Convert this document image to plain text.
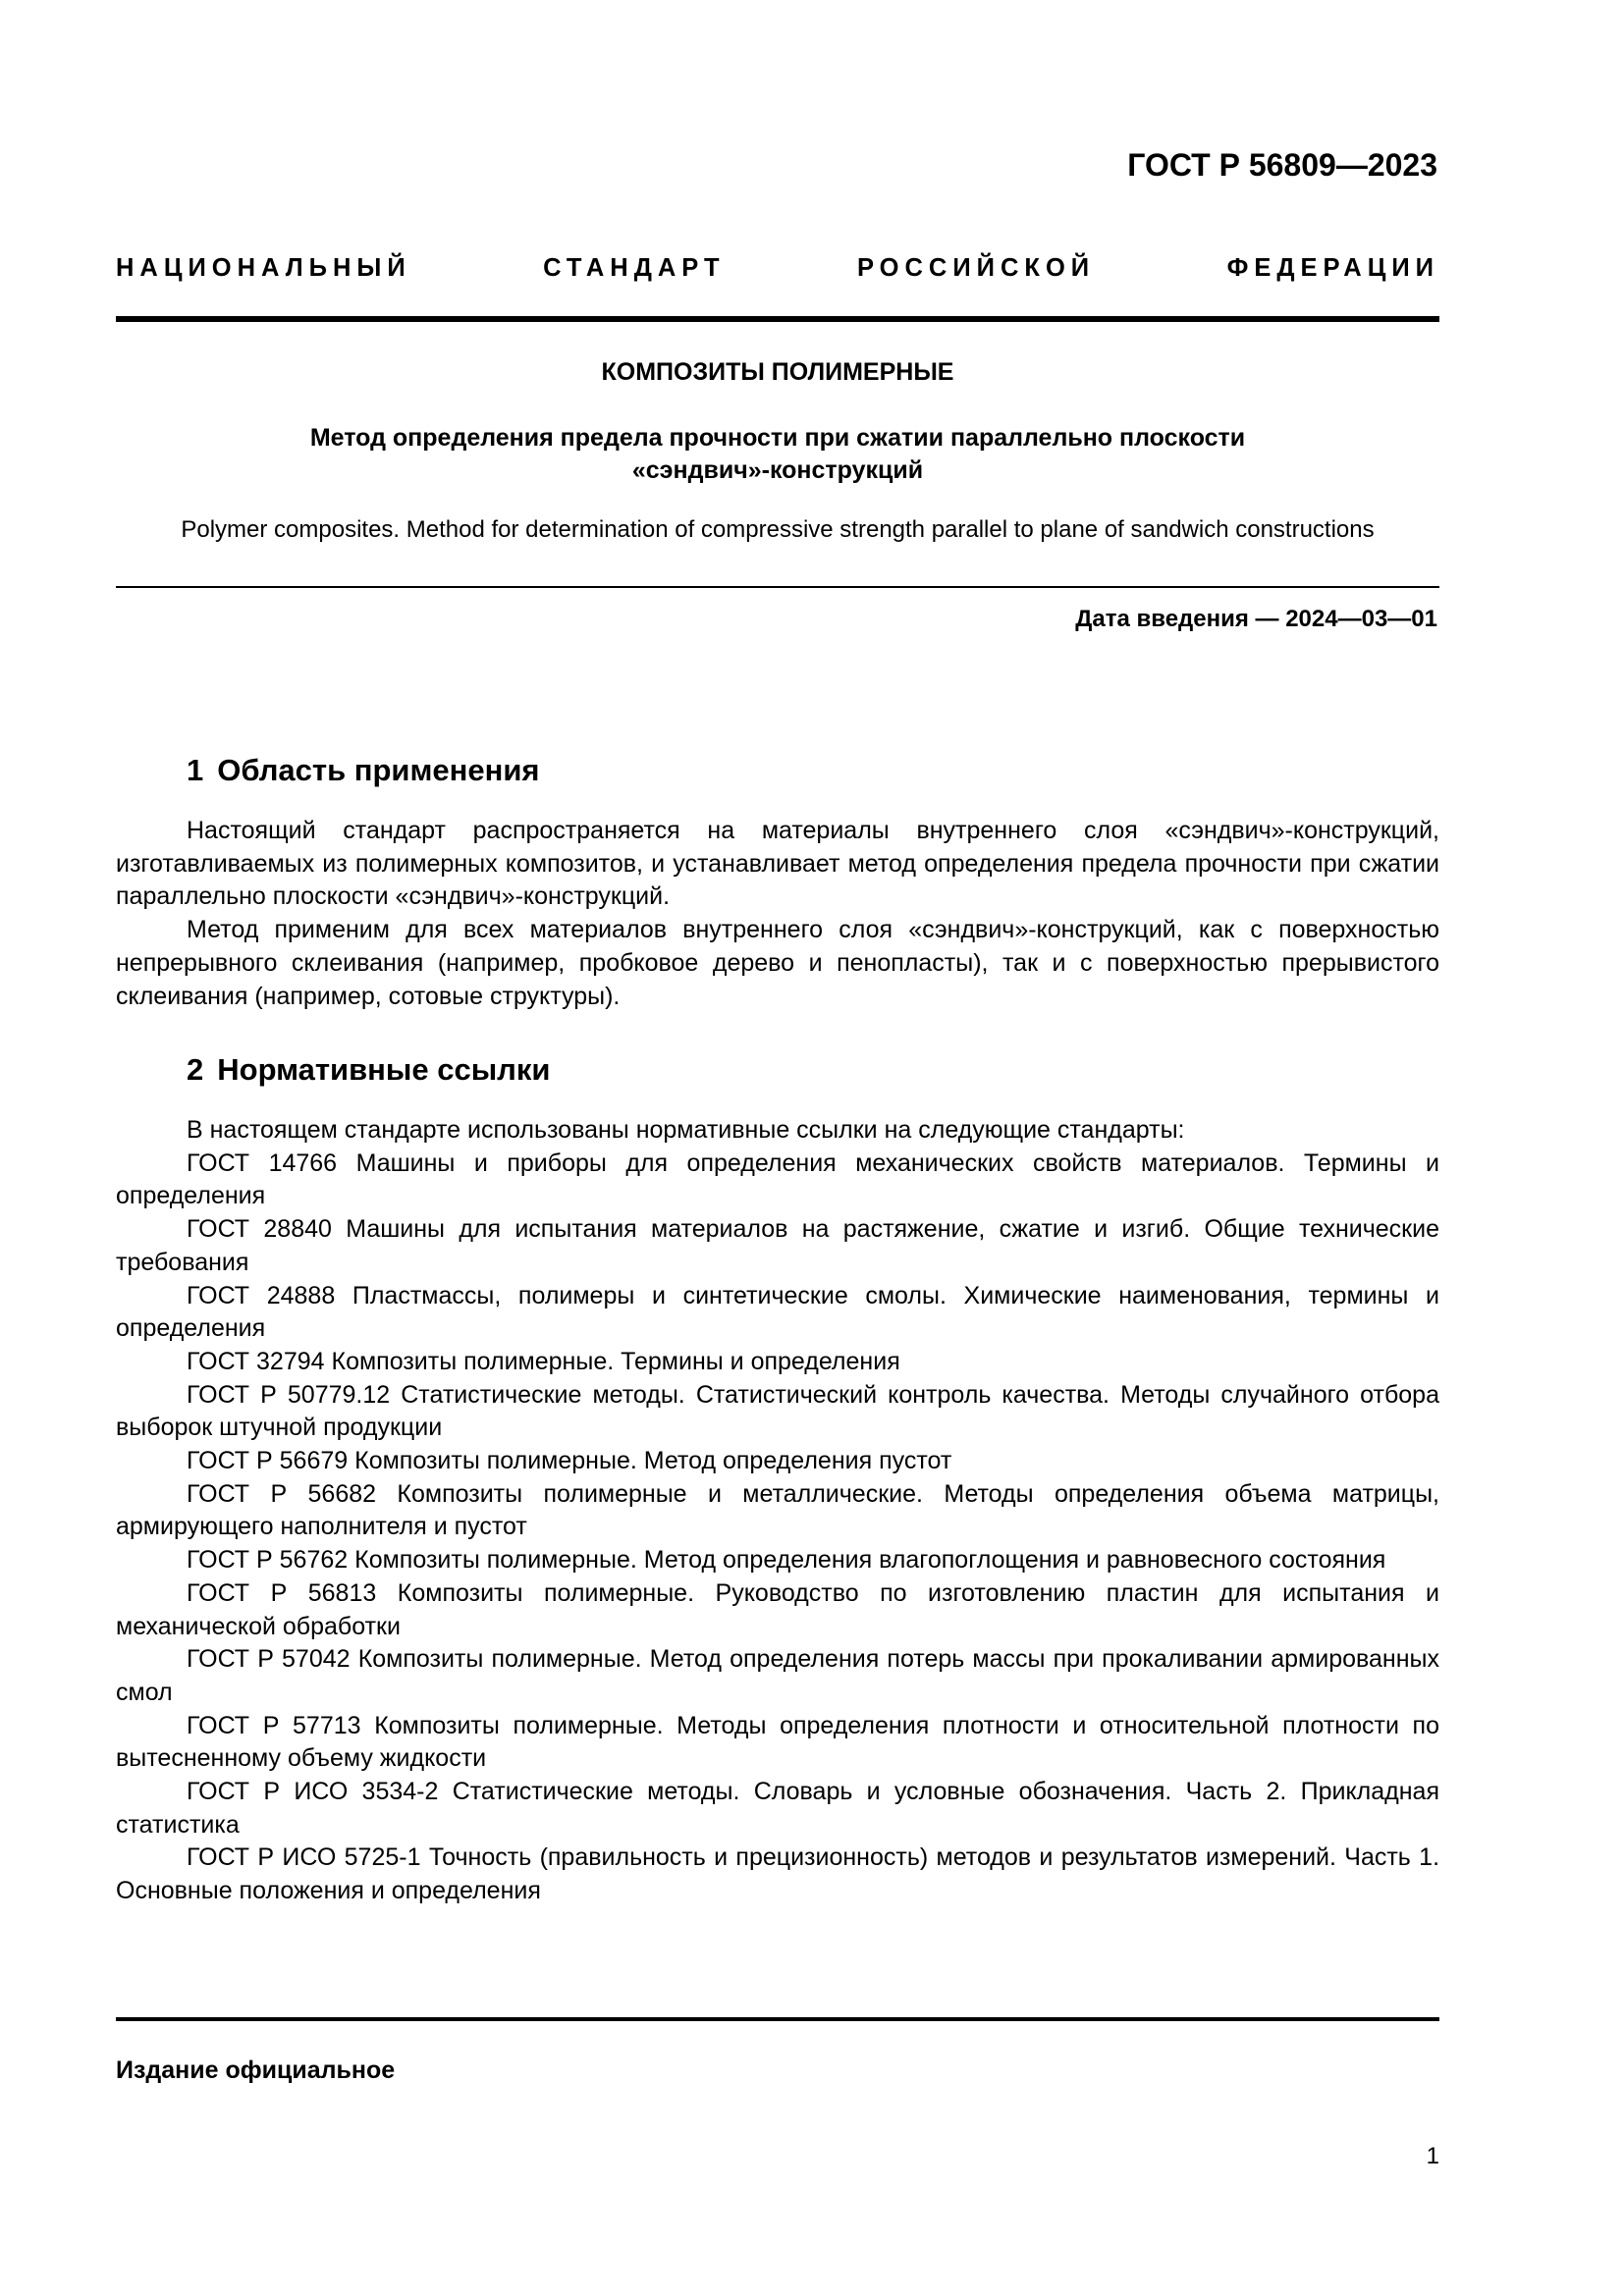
ГОСТ Р 56809—2023
НАЦИОНАЛЬНЫЙ СТАНДАРТ РОССИЙСКОЙ ФЕДЕРАЦИИ
КОМПОЗИТЫ ПОЛИМЕРНЫЕ
Метод определения предела прочности при сжатии параллельно плоскости
«сэндвич»-конструкций
Polymer composites. Method for determination of compressive strength parallel to plane of sandwich constructions
Дата введения — 2024—03—01
1 Область применения

Настоящий стандарт распространяется на материалы внутреннего слоя «сэндвич»-конструкций, изготавливаемых из полимерных композитов, и устанавливает метод определения предела прочности при сжатии параллельно плоскости «сэндвич»-конструкций.

Метод применим для всех материалов внутреннего слоя «сэндвич»-конструкций, как с поверхностью непрерывного склеивания (например, пробковое дерево и пенопласты), так и с поверхностью прерывистого склеивания (например, сотовые структуры).

2 Нормативные ссылки

В настоящем стандарте использованы нормативные ссылки на следующие стандарты:

ГОСТ 14766 Машины и приборы для определения механических свойств материалов. Термины и определения

ГОСТ 28840 Машины для испытания материалов на растяжение, сжатие и изгиб. Общие технические требования

ГОСТ 24888 Пластмассы, полимеры и синтетические смолы. Химические наименования, термины и определения

ГОСТ 32794 Композиты полимерные. Термины и определения

ГОСТ Р 50779.12 Статистические методы. Статистический контроль качества. Методы случайного отбора выборок штучной продукции

ГОСТ Р 56679 Композиты полимерные. Метод определения пустот

ГОСТ Р 56682 Композиты полимерные и металлические. Методы определения объема матрицы, армирующего наполнителя и пустот

ГОСТ Р 56762 Композиты полимерные. Метод определения влагопоглощения и равновесного состояния

ГОСТ Р 56813 Композиты полимерные. Руководство по изготовлению пластин для испытания и механической обработки

ГОСТ Р 57042 Композиты полимерные. Метод определения потерь массы при прокаливании армированных смол

ГОСТ Р 57713 Композиты полимерные. Методы определения плотности и относительной плотности по вытесненному объему жидкости

ГОСТ Р ИСО 3534-2 Статистические методы. Словарь и условные обозначения. Часть 2. Прикладная статистика

ГОСТ Р ИСО 5725-1 Точность (правильность и прецизионность) методов и результатов измерений. Часть 1. Основные положения и определения

Издание официальное
1
